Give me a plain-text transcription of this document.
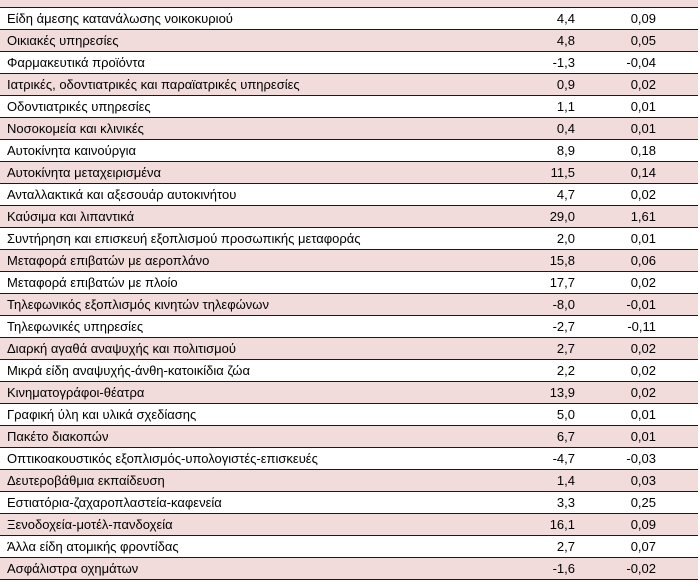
Είδη άμεσης κατανάλωσης νοικοκυριού	4,4	0,09
Οικιακές υπηρεσίες	4,8	0,05
Φαρμακευτικά προϊόντα	-1,3	-0,04
Ιατρικές, οδοντιατρικές και παραϊατρικές υπηρεσίες	0,9	0,02
Οδοντιατρικές υπηρεσίες	1,1	0,01
Νοσοκομεία και κλινικές	0,4	0,01
Αυτοκίνητα καινούργια	8,9	0,18
Αυτοκίνητα μεταχειρισμένα	11,5	0,14
Ανταλλακτικά και αξεσουάρ αυτοκινήτου	4,7	0,02
Καύσιμα και λιπαντικά	29,0	1,61
Συντήρηση και επισκευή εξοπλισμού προσωπικής μεταφοράς	2,0	0,01
Μεταφορά επιβατών με αεροπλάνο	15,8	0,06
Μεταφορά επιβατών με πλοίο	17,7	0,02
Τηλεφωνικός εξοπλισμός κινητών τηλεφώνων	-8,0	-0,01
Τηλεφωνικές υπηρεσίες	-2,7	-0,11
Διαρκή αγαθά αναψυχής και πολιτισμού	2,7	0,02
Μικρά είδη αναψυχής-άνθη-κατοικίδια ζώα	2,2	0,02
Κινηματογράφοι-θέατρα	13,9	0,02
Γραφική ύλη και υλικά σχεδίασης	5,0	0,01
Πακέτο διακοπών	6,7	0,01
Οπτικοακουστικός εξοπλισμός-υπολογιστές-επισκευές	-4,7	-0,03
Δευτεροβάθμια εκπαίδευση	1,4	0,03
Εστιατόρια-ζαχαροπλαστεία-καφενεία	3,3	0,25
Ξενοδοχεία-μοτέλ-πανδοχεία	16,1	0,09
Άλλα είδη ατομικής φροντίδας	2,7	0,07
Ασφάλιστρα οχημάτων	-1,6	-0,02
